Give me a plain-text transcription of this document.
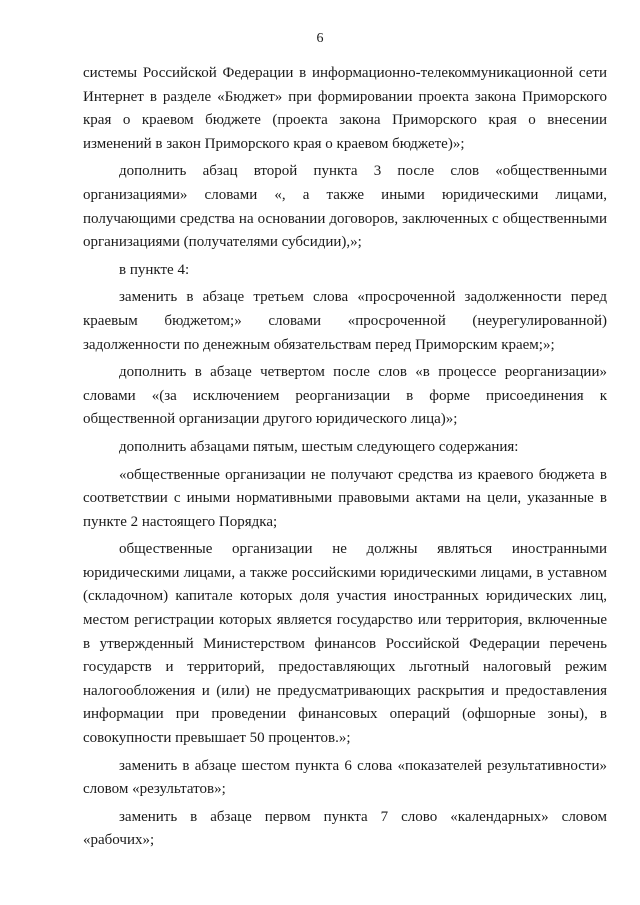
6

системы Российской Федерации в информационно-телекоммуникационной сети Интернет в разделе «Бюджет» при формировании проекта закона Приморского края о краевом бюджете (проекта закона Приморского края о внесении изменений в закон Приморского края о краевом бюджете)»;

дополнить абзац второй пункта 3 после слов «общественными организациями» словами «, а также иными юридическими лицами, получающими средства на основании договоров, заключенных с общественными организациями (получателями субсидии),»;

в пункте 4:

заменить в абзаце третьем слова «просроченной задолженности перед краевым бюджетом;» словами «просроченной (неурегулированной) задолженности по денежным обязательствам перед Приморским краем;»;

дополнить в абзаце четвертом после слов «в процессе реорганизации» словами «(за исключением реорганизации в форме присоединения к общественной организации другого юридического лица)»;

дополнить абзацами пятым, шестым следующего содержания:

«общественные организации не получают средства из краевого бюджета в соответствии с иными нормативными правовыми актами на цели, указанные в пункте 2 настоящего Порядка;

общественные организации не должны являться иностранными юридическими лицами, а также российскими юридическими лицами, в уставном (складочном) капитале которых доля участия иностранных юридических лиц, местом регистрации которых является государство или территория, включенные в утвержденный Министерством финансов Российской Федерации перечень государств и территорий, предоставляющих льготный налоговый режим налогообложения и (или) не предусматривающих раскрытия и предоставления информации при проведении финансовых операций (офшорные зоны), в совокупности превышает 50 процентов.»;

заменить в абзаце шестом пункта 6 слова «показателей результативности» словом «результатов»;

заменить в абзаце первом пункта 7 слово «календарных» словом «рабочих»;
